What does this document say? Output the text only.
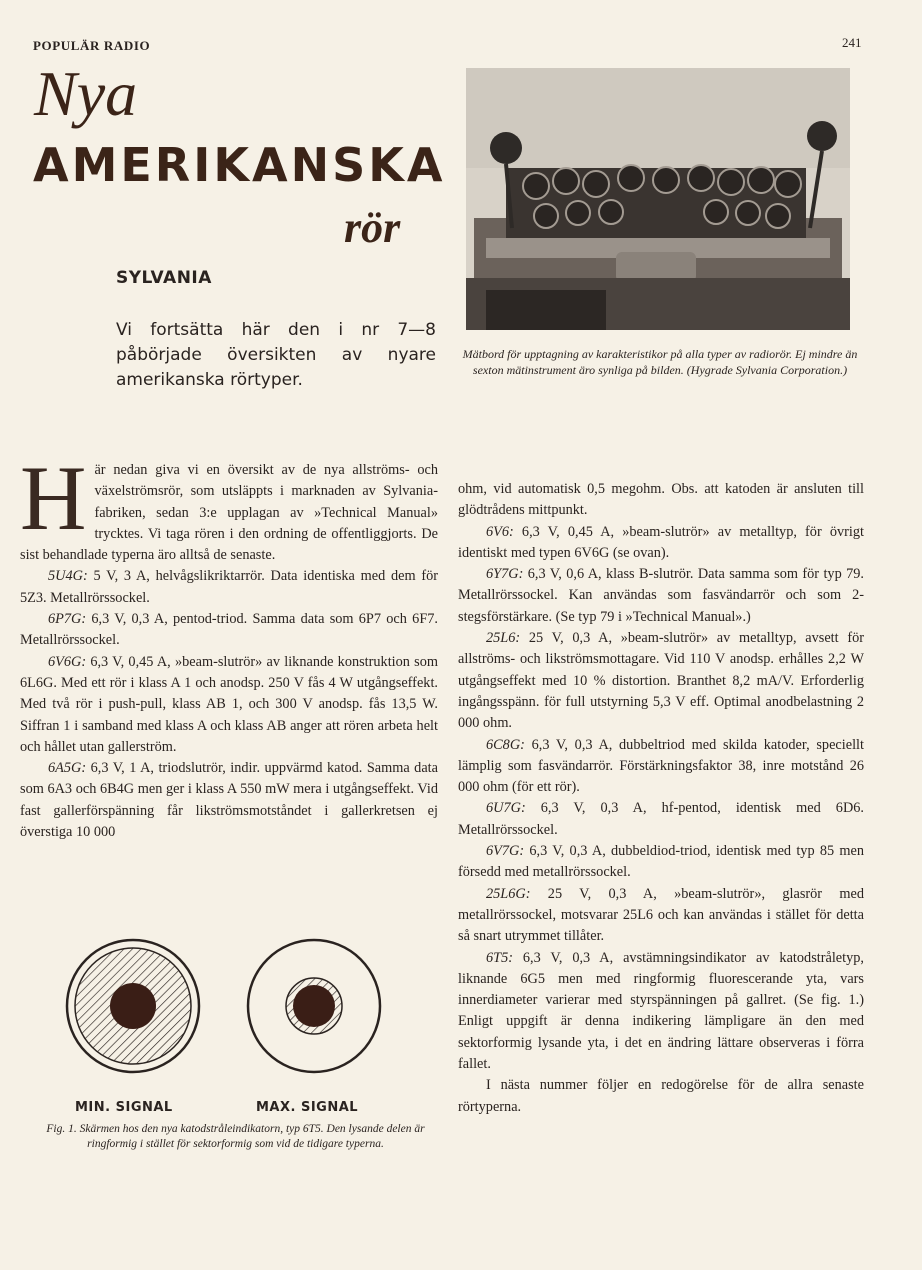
POPULÄR RADIO	241
Nya
AMERIKANSKA
rör
SYLVANIA
Vi fortsätta här den i nr 7—8 påbörjade översikten av nyare amerikanska rörtyper.
Mätbord för upptagning av karakteristikor på alla typer av radiorör. Ej mindre än sexton mätinstrument äro synliga på bilden. (Hygrade Sylvania Corporation.)

Här nedan giva vi en översikt av de nya allströms- och växelströmsrör, som utsläppts i marknaden av Sylvania-fabriken, sedan 3:e upplagan av »Technical Manual» trycktes. Vi taga rören i den ordning de offentliggjorts. De sist behandlade typerna äro alltså de senaste.

5U4G: 5 V, 3 A, helvågslikriktarrör. Data identiska med dem för 5Z3. Metallrörssockel.

6P7G: 6,3 V, 0,3 A, pentod-triod. Samma data som 6P7 och 6F7. Metallrörssockel.

6V6G: 6,3 V, 0,45 A, »beam-slutrör» av liknande konstruktion som 6L6G. Med ett rör i klass A 1 och anodsp. 250 V fås 4 W utgångseffekt. Med två rör i push-pull, klass AB 1, och 300 V anodsp. fås 13,5 W. Siffran 1 i samband med klass A och klass AB anger att rören arbeta helt och hållet utan gallerström.

6A5G: 6,3 V, 1 A, triodslutrör, indir. uppvärmd katod. Samma data som 6A3 och 6B4G men ger i klass A 550 mW mera i utgångseffekt. Vid fast gallerförspänning får likströmsmotståndet i gallerkretsen ej överstiga 10 000

ohm, vid automatisk 0,5 megohm. Obs. att katoden är ansluten till glödtrådens mittpunkt.

6V6: 6,3 V, 0,45 A, »beam-slutrör» av metalltyp, för övrigt identiskt med typen 6V6G (se ovan).

6Y7G: 6,3 V, 0,6 A, klass B-slutrör. Data samma som för typ 79. Metallrörssockel. Kan användas som fasvändarrör och som 2-stegsförstärkare. (Se typ 79 i »Technical Manual».)

25L6: 25 V, 0,3 A, »beam-slutrör» av metalltyp, avsett för allströms- och likströmsmottagare. Vid 110 V anodsp. erhålles 2,2 W utgångseffekt med 10 % distortion. Branthet 8,2 mA/V. Erforderlig ingångsspänn. för full utstyrning 5,3 V eff. Optimal anodbelastning 2 000 ohm.

6C8G: 6,3 V, 0,3 A, dubbeltriod med skilda katoder, speciellt lämplig som fasvändarrör. Förstärkningsfaktor 38, inre motstånd 26 000 ohm (för ett rör).

6U7G: 6,3 V, 0,3 A, hf-pentod, identisk med 6D6. Metallrörssockel.

6V7G: 6,3 V, 0,3 A, dubbeldiod-triod, identisk med typ 85 men försedd med metallrörssockel.

25L6G: 25 V, 0,3 A, »beam-slutrör», glasrör med metallrörssockel, motsvarar 25L6 och kan användas i stället för detta så snart utrymmet tillåter.

6T5: 6,3 V, 0,3 A, avstämningsindikator av katodstråletyp, liknande 6G5 men med ringformig fluorescerande yta, vars innerdiameter varierar med styrspänningen på gallret. (Se fig. 1.) Enligt uppgift är denna indikering lämpligare än den med sektorformig lysande yta, i det en ändring lättare observeras i förra fallet.

I nästa nummer följer en redogörelse för de allra senaste rörtyperna.

MIN. SIGNAL	MAX. SIGNAL
Fig. 1. Skärmen hos den nya katodstråleindikatorn, typ 6T5. Den lysande delen är ringformig i stället för sektorformig som vid de tidigare typerna.
